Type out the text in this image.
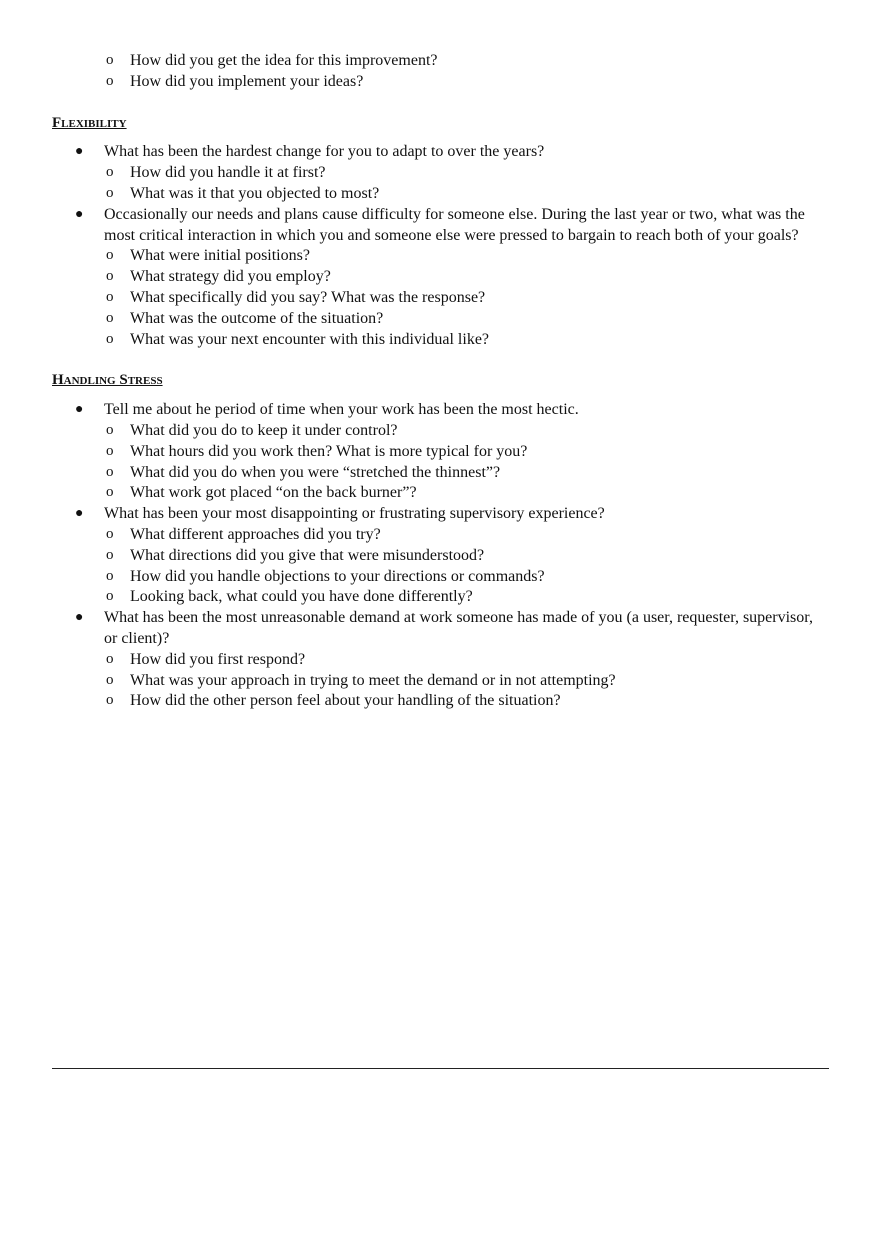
o How did you get the idea for this improvement?
o How did you implement your ideas?
Flexibility
● What has been the hardest change for you to adapt to over the years?
o How did you handle it at first?
o What was it that you objected to most?
● Occasionally our needs and plans cause difficulty for someone else. During the last year or two, what was the most critical interaction in which you and someone else were pressed to bargain to reach both of your goals?
o What were initial positions?
o What strategy did you employ?
o What specifically did you say? What was the response?
o What was the outcome of the situation?
o What was your next encounter with this individual like?
Handling Stress
● Tell me about he period of time when your work has been the most hectic.
o What did you do to keep it under control?
o What hours did you work then? What is more typical for you?
o What did you do when you were “stretched the thinnest”?
o What work got placed “on the back burner”?
● What has been your most disappointing or frustrating supervisory experience?
o What different approaches did you try?
o What directions did you give that were misunderstood?
o How did you handle objections to your directions or commands?
o Looking back, what could you have done differently?
● What has been the most unreasonable demand at work someone has made of you (a user, requester, supervisor, or client)?
o How did you first respond?
o What was your approach in trying to meet the demand or in not attempting?
o How did the other person feel about your handling of the situation?
